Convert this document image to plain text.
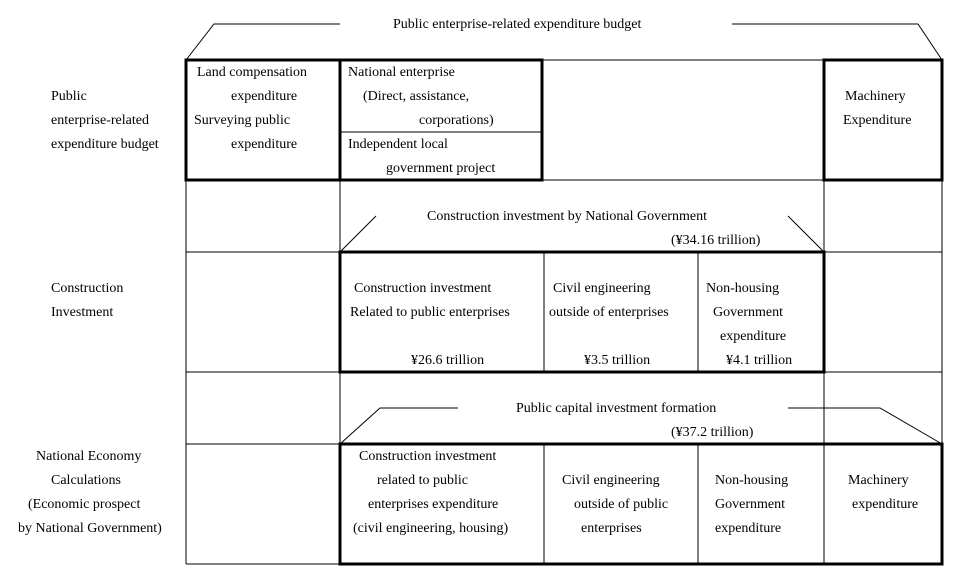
Public enterprise-related expenditure budget
Public
enterprise-related
expenditure budget
Construction
Investment
National Economy
Calculations
(Economic prospect
by National Government)
Land compensation
expenditure
Surveying public
expenditure
National enterprise
(Direct, assistance,
corporations)
Independent local
government project
Machinery
Expenditure
Construction investment by National Government
(¥34.16 trillion)
Construction investment
Related to public enterprises
¥26.6 trillion
Civil engineering
outside of enterprises
¥3.5 trillion
Non-housing
Government
expenditure
¥4.1 trillion
Public capital investment formation
(¥37.2 trillion)
Construction investment
related to public
enterprises expenditure
(civil engineering, housing)
Civil engineering
outside of public
enterprises
Non-housing
Government
expenditure
Machinery
expenditure
